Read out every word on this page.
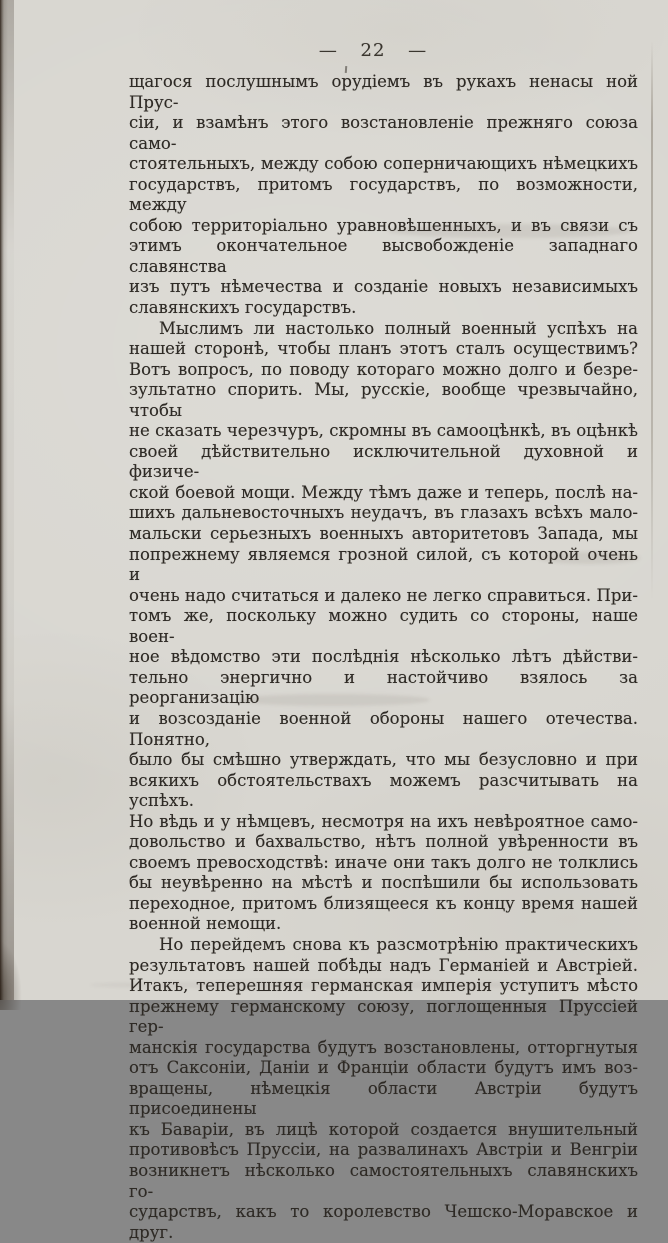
— 22 —
щагося послушнымъ орудіемъ въ рукахъ ненасы ной Прус-
сіи, и взамѣнъ этого возстановленіе прежняго союза само-
стоятельныхъ, между собою соперничающихъ нѣмецкихъ
государствъ, притомъ государствъ, по возможности, между
собою территоріально уравновѣшенныхъ, и въ связи съ
этимъ окончательное высвобожденіе западнаго славянства
изъ путъ нѣмечества и созданіе новыхъ независимыхъ
славянскихъ государствъ.
Мыслимъ ли настолько полный военный успѣхъ на
нашей сторонѣ, чтобы планъ этотъ сталъ осуществимъ?
Вотъ вопросъ, по поводу котораго можно долго и безре-
зультатно спорить. Мы, русскіе, вообще чрезвычайно, чтобы
не сказать черезчуръ, скромны въ самооцѣнкѣ, въ оцѣнкѣ
своей дѣйствительно исключительной духовной и физиче-
ской боевой мощи. Между тѣмъ даже и теперь, послѣ на-
шихъ дальневосточныхъ неудачъ, въ глазахъ всѣхъ мало-
мальски серьезныхъ военныхъ авторитетовъ Запада, мы
попрежнему являемся грозной силой, съ которой очень и
очень надо считаться и далеко не легко справиться. При-
томъ же, поскольку можно судить со стороны, наше воен-
ное вѣдомство эти послѣднія нѣсколько лѣтъ дѣйстви-
тельно энергично и настойчиво взялось за реорганизацію
и возсозданіе военной обороны нашего отечества. Понятно,
было бы смѣшно утверждать, что мы безусловно и при
всякихъ обстоятельствахъ можемъ разсчитывать на успѣхъ.
Но вѣдь и у нѣмцевъ, несмотря на ихъ невѣроятное само-
довольство и бахвальство, нѣтъ полной увѣренности въ
своемъ превосходствѣ: иначе они такъ долго не толклись
бы неувѣренно на мѣстѣ и поспѣшили бы использовать
переходное, притомъ близящееся къ концу время нашей
военной немощи.
Но перейдемъ снова къ разсмотрѣнію практическихъ
результатовъ нашей побѣды надъ Германіей и Австріей.
Итакъ, теперешняя германская имперія уступитъ мѣсто
прежнему германскому союзу, поглощенныя Пруссіей гер-
манскія государства будутъ возстановлены, отторгнутыя
отъ Саксоніи, Даніи и Франціи области будутъ имъ воз-
вращены, нѣмецкія области Австріи будутъ присоединены
къ Баваріи, въ лицѣ которой создается внушительный
противовѣсъ Пруссіи, на развалинахъ Австріи и Венгріи
возникнетъ нѣсколько самостоятельныхъ славянскихъ го-
сударствъ, какъ то королевство Чешско-Моравское и друг.
